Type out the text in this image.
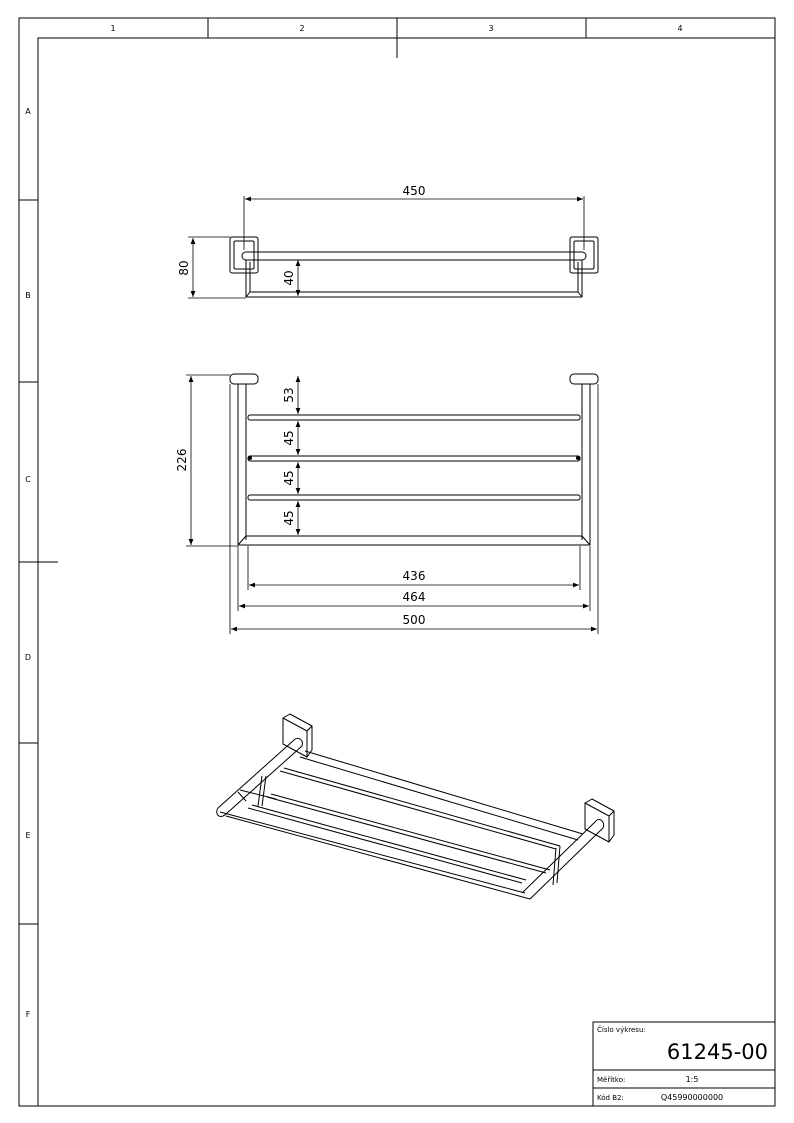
1	2	3	4
A
B
C
D
E
F
450
80
40
226
53
45
45
45
436
464
500
Číslo výkresu:
61245-00
Měřítko:	1:5
Kód B2:	Q45990000000
